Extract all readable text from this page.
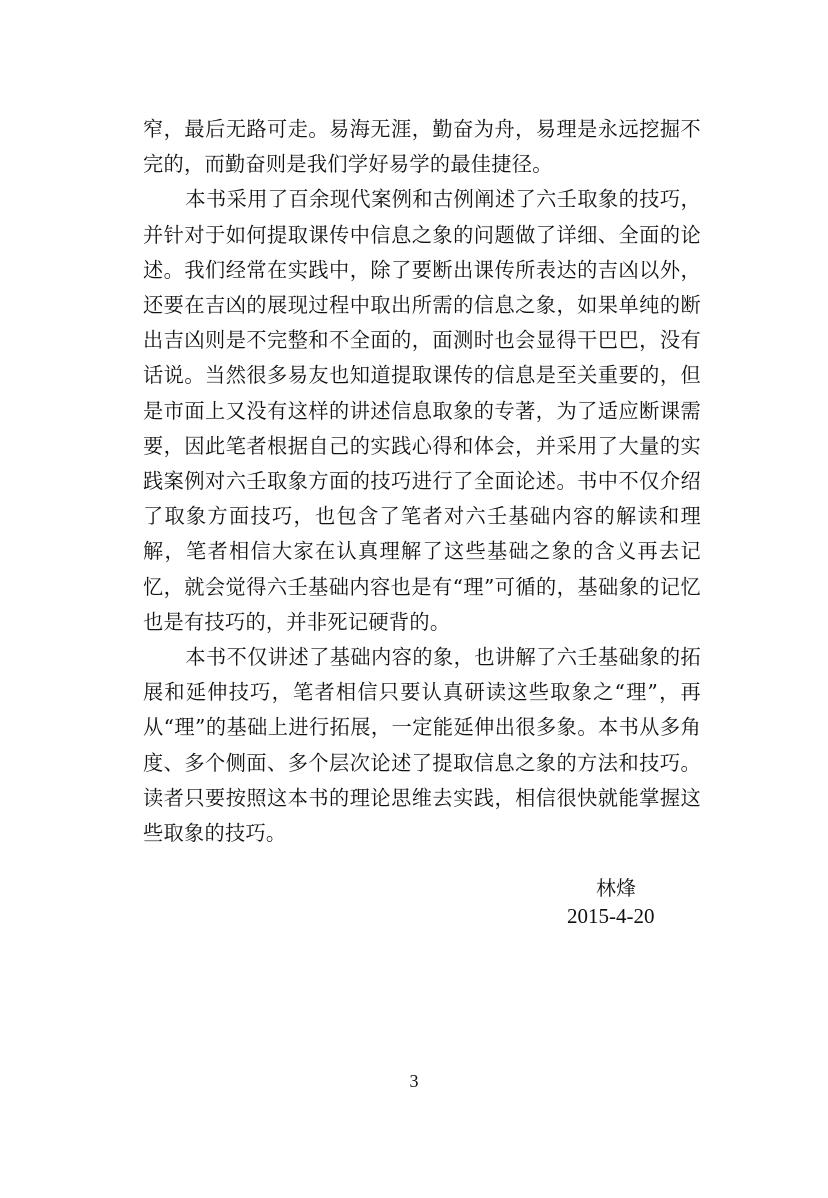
窄，最后无路可走。易海无涯，勤奋为舟，易理是永远挖掘不完的，而勤奋则是我们学好易学的最佳捷径。

本书采用了百余现代案例和古例阐述了六壬取象的技巧，并针对于如何提取课传中信息之象的问题做了详细、全面的论述。我们经常在实践中，除了要断出课传所表达的吉凶以外，还要在吉凶的展现过程中取出所需的信息之象，如果单纯的断出吉凶则是不完整和不全面的，面测时也会显得干巴巴，没有话说。当然很多易友也知道提取课传的信息是至关重要的，但是市面上又没有这样的讲述信息取象的专著，为了适应断课需要，因此笔者根据自己的实践心得和体会，并采用了大量的实践案例对六壬取象方面的技巧进行了全面论述。书中不仅介绍了取象方面技巧，也包含了笔者对六壬基础内容的解读和理解，笔者相信大家在认真理解了这些基础之象的含义再去记忆，就会觉得六壬基础内容也是有“理”可循的，基础象的记忆也是有技巧的，并非死记硬背的。

本书不仅讲述了基础内容的象，也讲解了六壬基础象的拓展和延伸技巧，笔者相信只要认真研读这些取象之“理”，再从“理”的基础上进行拓展，一定能延伸出很多象。本书从多角度、多个侧面、多个层次论述了提取信息之象的方法和技巧。读者只要按照这本书的理论思维去实践，相信很快就能掌握这些取象的技巧。

林烽
2015-4-20
3
